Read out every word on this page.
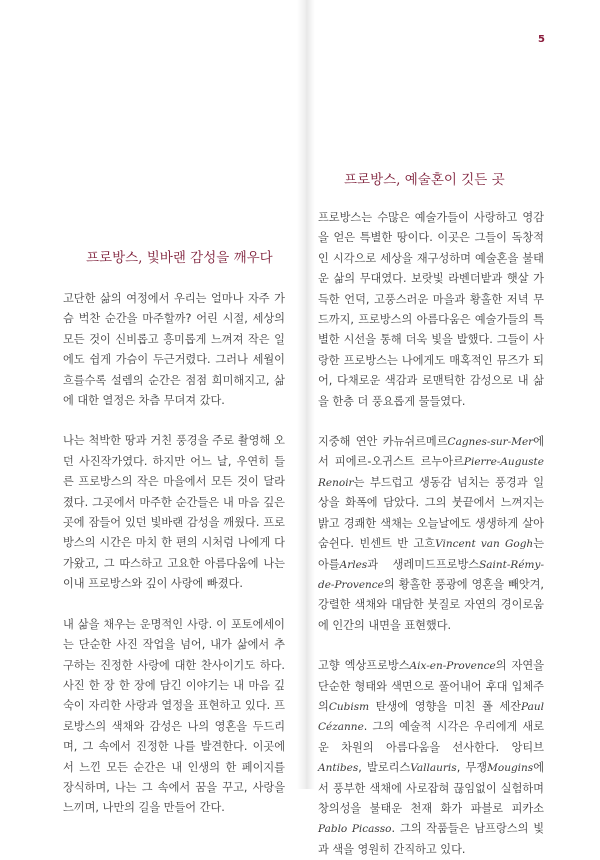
5
프로방스, 빛바랜 감성을 깨우다

고단한 삶의 여정에서 우리는 얼마나 자주 가슴 벅찬 순간을 마주할까? 어린 시절, 세상의 모든 것이 신비롭고 흥미롭게 느껴져 작은 일에도 쉽게 가슴이 두근거렸다. 그러나 세월이 흐를수록 설렘의 순간은 점점 희미해지고, 삶에 대한 열정은 차츰 무뎌져 갔다.

나는 척박한 땅과 거친 풍경을 주로 촬영해 오던 사진작가였다. 하지만 어느 날, 우연히 들른 프로방스의 작은 마을에서 모든 것이 달라졌다. 그곳에서 마주한 순간들은 내 마음 깊은 곳에 잠들어 있던 빛바랜 감성을 깨웠다. 프로방스의 시간은 마치 한 편의 시처럼 나에게 다가왔고, 그 따스하고 고요한 아름다움에 나는 이내 프로방스와 깊이 사랑에 빠졌다.

내 삶을 채우는 운명적인 사랑. 이 포토에세이는 단순한 사진 작업을 넘어, 내가 삶에서 추구하는 진정한 사랑에 대한 찬사이기도 하다. 사진 한 장 한 장에 담긴 이야기는 내 마음 깊숙이 자리한 사랑과 열정을 표현하고 있다. 프로방스의 색채와 감성은 나의 영혼을 두드리며, 그 속에서 진정한 나를 발견한다. 이곳에서 느낀 모든 순간은 내 인생의 한 페이지를 장식하며, 나는 그 속에서 꿈을 꾸고, 사랑을 느끼며, 나만의 길을 만들어 간다.

프로방스, 예술혼이 깃든 곳

프로방스는 수많은 예술가들이 사랑하고 영감을 얻은 특별한 땅이다. 이곳은 그들이 독창적인 시각으로 세상을 재구성하며 예술혼을 불태운 삶의 무대였다. 보랏빛 라벤더밭과 햇살 가득한 언덕, 고풍스러운 마을과 황홀한 저녁 무드까지, 프로방스의 아름다움은 예술가들의 특별한 시선을 통해 더욱 빛을 발했다. 그들이 사랑한 프로방스는 나에게도 매혹적인 뮤즈가 되어, 다채로운 색감과 로맨틱한 감성으로 내 삶을 한층 더 풍요롭게 물들였다.

지중해 연안 카뉴쉬르메르Cagnes-sur-Mer에서 피에르-오귀스트 르누아르Pierre-Auguste Renoir는 부드럽고 생동감 넘치는 풍경과 일상을 화폭에 담았다. 그의 붓끝에서 느껴지는 밝고 경쾌한 색채는 오늘날에도 생생하게 살아 숨쉰다. 빈센트 반 고흐Vincent van Gogh는 아를Arles과 생레미드프로방스Saint-Rémy-de-Provence의 황홀한 풍광에 영혼을 빼앗겨, 강렬한 색채와 대담한 붓질로 자연의 경이로움에 인간의 내면을 표현했다.

고향 엑상프로방스Aix-en-Provence의 자연을 단순한 형태와 색면으로 풀어내어 후대 입체주의Cubism 탄생에 영향을 미친 폴 세잔Paul Cézanne. 그의 예술적 시각은 우리에게 새로운 차원의 아름다움을 선사한다. 앙티브Antibes, 발로리스Vallauris, 무쟁Mougins에서 풍부한 색채에 사로잡혀 끊임없이 실험하며 창의성을 불태운 천재 화가 파블로 피카소Pablo Picasso. 그의 작품들은 남프랑스의 빛과 색을 영원히 간직하고 있다.
